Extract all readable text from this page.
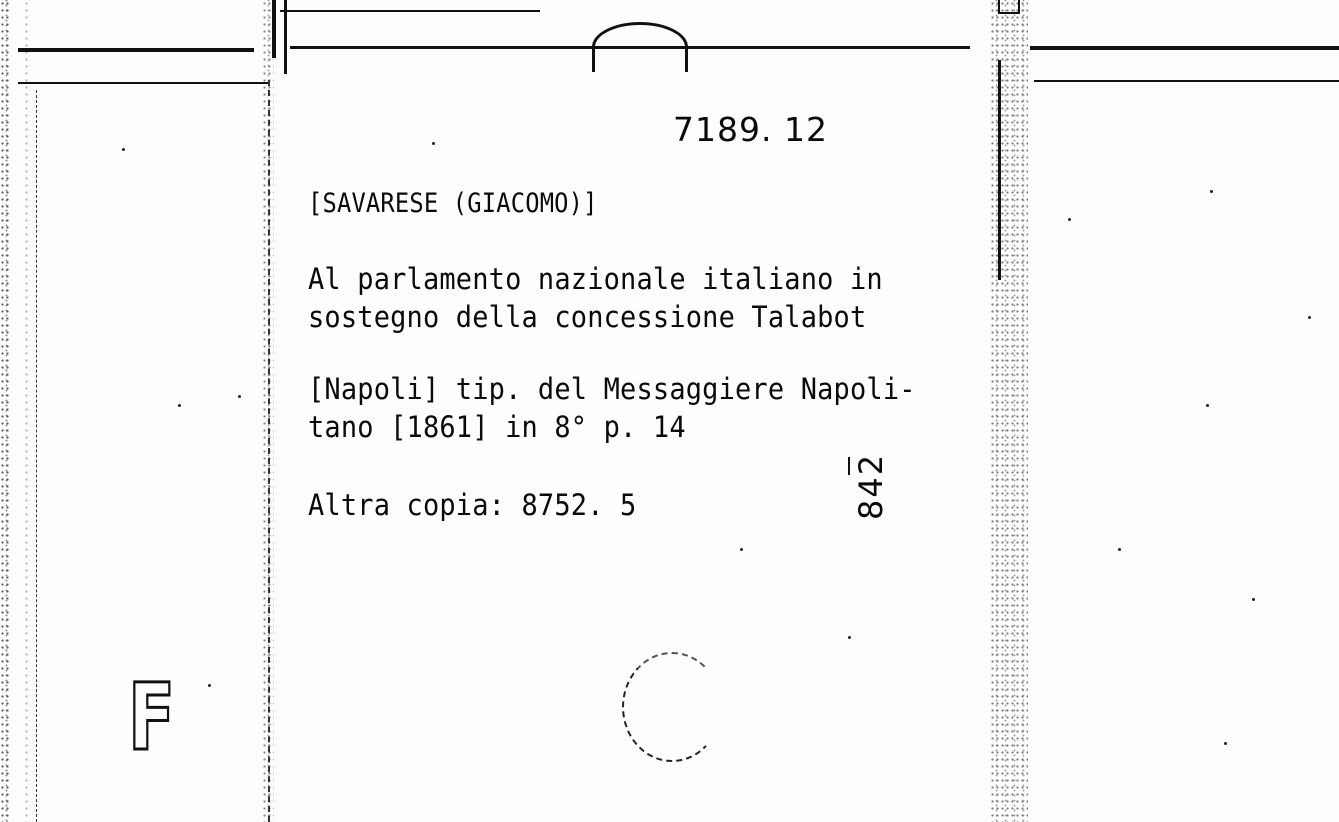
7189. 12
[SAVARESE (GIACOMO)]
Al parlamento nazionale italiano in
sostegno della concessione Talabot
[Napoli] tip. del Messaggiere Napoli-
tano [1861] in 8° p. 14
Altra copia: 8752. 5	842
F
